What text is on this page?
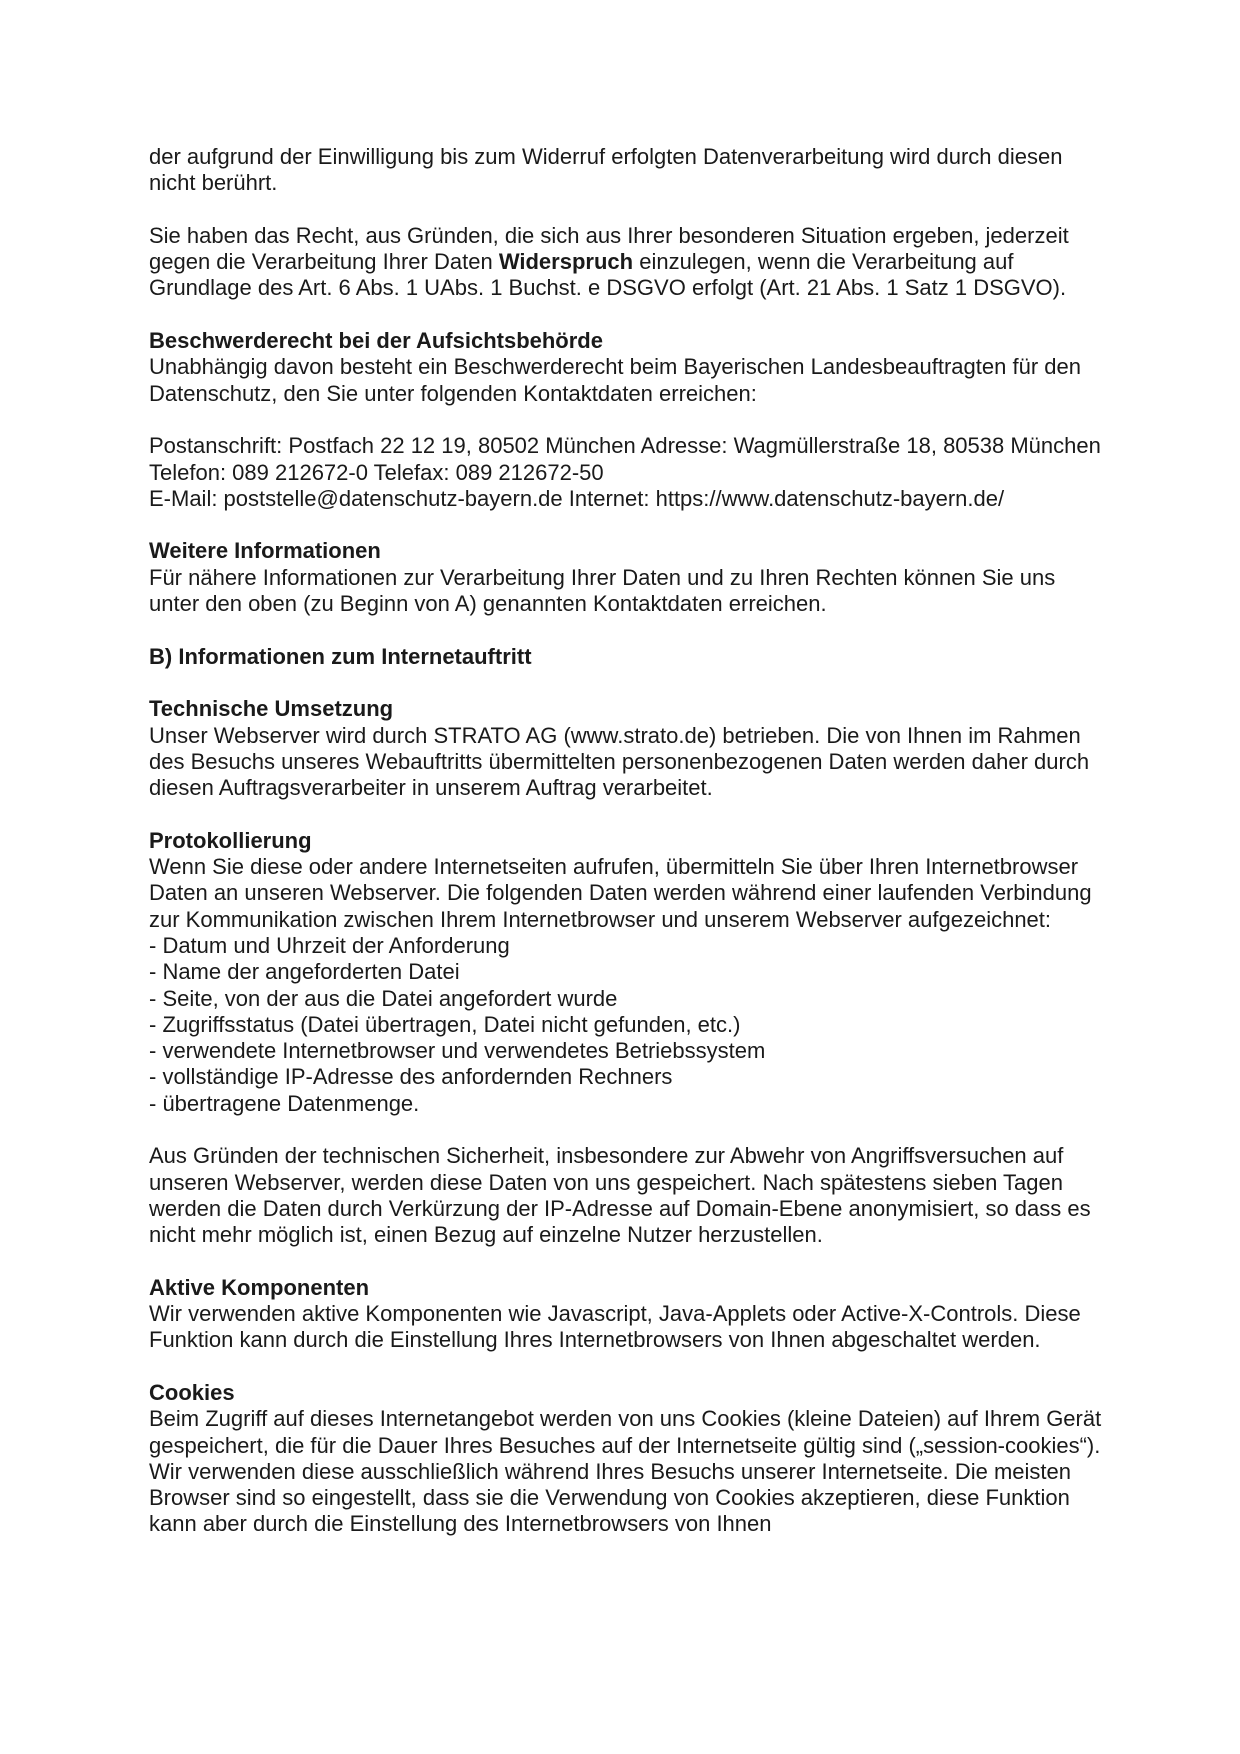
der aufgrund der Einwilligung bis zum Widerruf erfolgten Datenverarbeitung wird durch diesen nicht berührt.

Sie haben das Recht, aus Gründen, die sich aus Ihrer besonderen Situation ergeben, jederzeit gegen die Verarbeitung Ihrer Daten Widerspruch einzulegen, wenn die Verarbeitung auf Grundlage des Art. 6 Abs. 1 UAbs. 1 Buchst. e DSGVO erfolgt (Art. 21 Abs. 1 Satz 1 DSGVO).

Beschwerderecht bei der Aufsichtsbehörde
Unabhängig davon besteht ein Beschwerderecht beim Bayerischen Landesbeauftragten für den Datenschutz, den Sie unter folgenden Kontaktdaten erreichen:
Postanschrift: Postfach 22 12 19, 80502 München Adresse: Wagmüllerstraße 18, 80538 München Telefon: 089 212672-0 Telefax: 089 212672-50
E-Mail: poststelle@datenschutz-bayern.de Internet: https://www.datenschutz-bayern.de/
Weitere Informationen
Für nähere Informationen zur Verarbeitung Ihrer Daten und zu Ihren Rechten können Sie uns unter den oben (zu Beginn von A) genannten Kontaktdaten erreichen.

B) Informationen zum Internetauftritt

Technische Umsetzung
Unser Webserver wird durch STRATO AG (www.strato.de) betrieben. Die von Ihnen im Rahmen des Besuchs unseres Webauftritts übermittelten personenbezogenen Daten werden daher durch diesen Auftragsverarbeiter in unserem Auftrag verarbeitet.
Protokollierung
Wenn Sie diese oder andere Internetseiten aufrufen, übermitteln Sie über Ihren Internetbrowser Daten an unseren Webserver. Die folgenden Daten werden während einer laufenden Verbindung zur Kommunikation zwischen Ihrem Internetbrowser und unserem Webserver aufgezeichnet:
- Datum und Uhrzeit der Anforderung
- Name der angeforderten Datei
- Seite, von der aus die Datei angefordert wurde
- Zugriffsstatus (Datei übertragen, Datei nicht gefunden, etc.)
- verwendete Internetbrowser und verwendetes Betriebssystem
- vollständige IP-Adresse des anfordernden Rechners
- übertragene Datenmenge.

Aus Gründen der technischen Sicherheit, insbesondere zur Abwehr von Angriffsversuchen auf unseren Webserver, werden diese Daten von uns gespeichert. Nach spätestens sieben Tagen werden die Daten durch Verkürzung der IP-Adresse auf Domain-Ebene anonymisiert, so dass es nicht mehr möglich ist, einen Bezug auf einzelne Nutzer herzustellen.

Aktive Komponenten
Wir verwenden aktive Komponenten wie Javascript, Java-Applets oder Active-X-Controls. Diese Funktion kann durch die Einstellung Ihres Internetbrowsers von Ihnen abgeschaltet werden.
Cookies
Beim Zugriff auf dieses Internetangebot werden von uns Cookies (kleine Dateien) auf Ihrem Gerät gespeichert, die für die Dauer Ihres Besuches auf der Internetseite gültig sind („session-cookies“). Wir verwenden diese ausschließlich während Ihres Besuchs unserer Internetseite. Die meisten Browser sind so eingestellt, dass sie die Verwendung von Cookies akzeptieren, diese Funktion kann aber durch die Einstellung des Internetbrowsers von Ihnen
